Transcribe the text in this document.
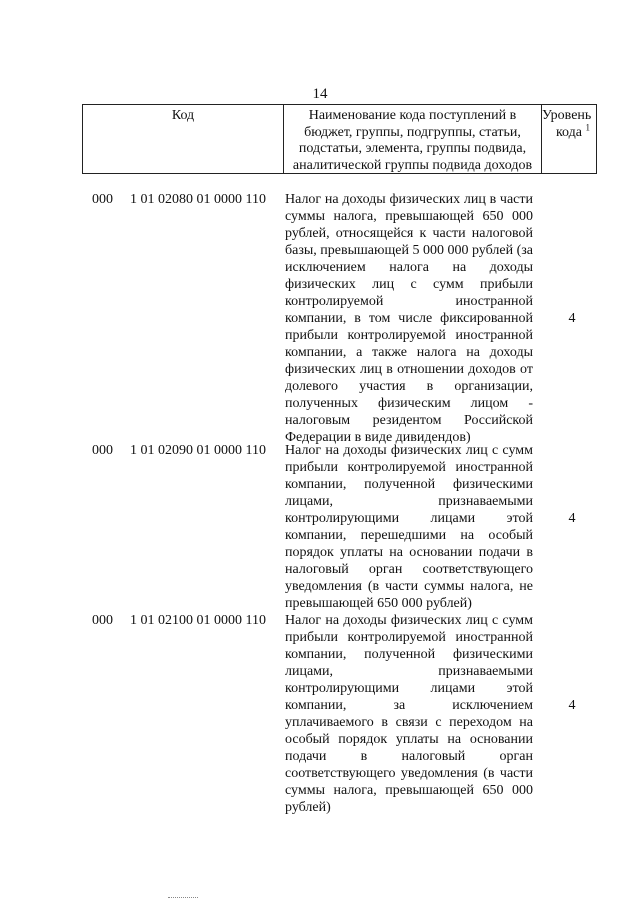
14
Код	Наименование кода поступлений в
бюджет, группы, подгруппы, статьи,
подстатьи, элемента, группы подвида,
аналитической группы подвида доходов
Уровень
кода $^1$
000 1 01 02080 01 0000 110 Налог на доходы физических лиц в части
суммы налога, превышающей 650 000
рублей, относящейся к части налоговой
базы, превышающей 5 000 000 рублей (за
исключением налога на доходы
физических лиц с сумм прибыли
контролируемой иностранной
компании, в том числе фиксированной
прибыли контролируемой иностранной
компании, а также налога на доходы
физических лиц в отношении доходов от
долевого участия в организации,
полученных физическим лицом -
налоговым резидентом Российской
Федерации в виде дивидендов)
4
000 1 01 02090 01 0000 110 Налог на доходы физических лиц с сумм
прибыли контролируемой иностранной
компании, полученной физическими
лицами, признаваемыми
контролирующими лицами этой
компании, перешедшими на особый
порядок уплаты на основании подачи в
налоговый орган соответствующего
уведомления (в части суммы налога, не
превышающей 650 000 рублей)
4
000 1 01 02100 01 0000 110 Налог на доходы физических лиц с сумм
прибыли контролируемой иностранной
компании, полученной физическими
лицами, признаваемыми
контролирующими лицами этой
компании, за исключением
уплачиваемого в связи с переходом на
особый порядок уплаты на основании
подачи в налоговый орган
соответствующего уведомления (в части
суммы налога, превышающей 650 000
рублей)
4
